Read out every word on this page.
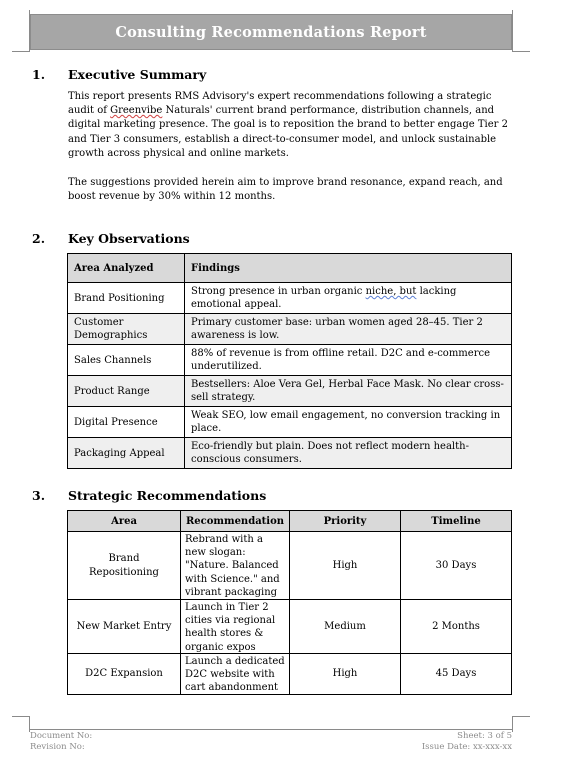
Consulting Recommendations Report
1. Executive Summary
This report presents RMS Advisory's expert recommendations following a strategic audit of Greenvibe Naturals' current brand performance, distribution channels, and digital marketing presence. The goal is to reposition the brand to better engage Tier 2 and Tier 3 consumers, establish a direct-to-consumer model, and unlock sustainable growth across physical and online markets.
The suggestions provided herein aim to improve brand resonance, expand reach, and boost revenue by 30% within 12 months.
2. Key Observations
Area Analyzed	Findings
Brand Positioning	Strong presence in urban organic niche, but lacking emotional appeal.

Customer Demographics	Primary customer base: urban women aged 28–45. Tier 2 awareness is low.

Sales Channels	88% of revenue is from offline retail. D2C and e-commerce underutilized.

Product Range	Bestsellers: Aloe Vera Gel, Herbal Face Mask. No clear cross-sell strategy.

Digital Presence	Weak SEO, low email engagement, no conversion tracking in place.

Packaging Appeal	Eco-friendly but plain. Does not reflect modern health-conscious consumers.
3. Strategic Recommendations
Area	Recommendation	Priority	Timeline
Brand Repositioning	Rebrand with a new slogan: "Nature. Balanced with Science." and vibrant packaging	High	30 Days
New Market Entry	Launch in Tier 2 cities via regional health stores & organic expos	Medium	2 Months
D2C Expansion	Launch a dedicated D2C website with cart abandonment	High	45 Days
Document No:
Revision No:
Sheet: 3 of 5
Issue Date: xx-xxx-xx
